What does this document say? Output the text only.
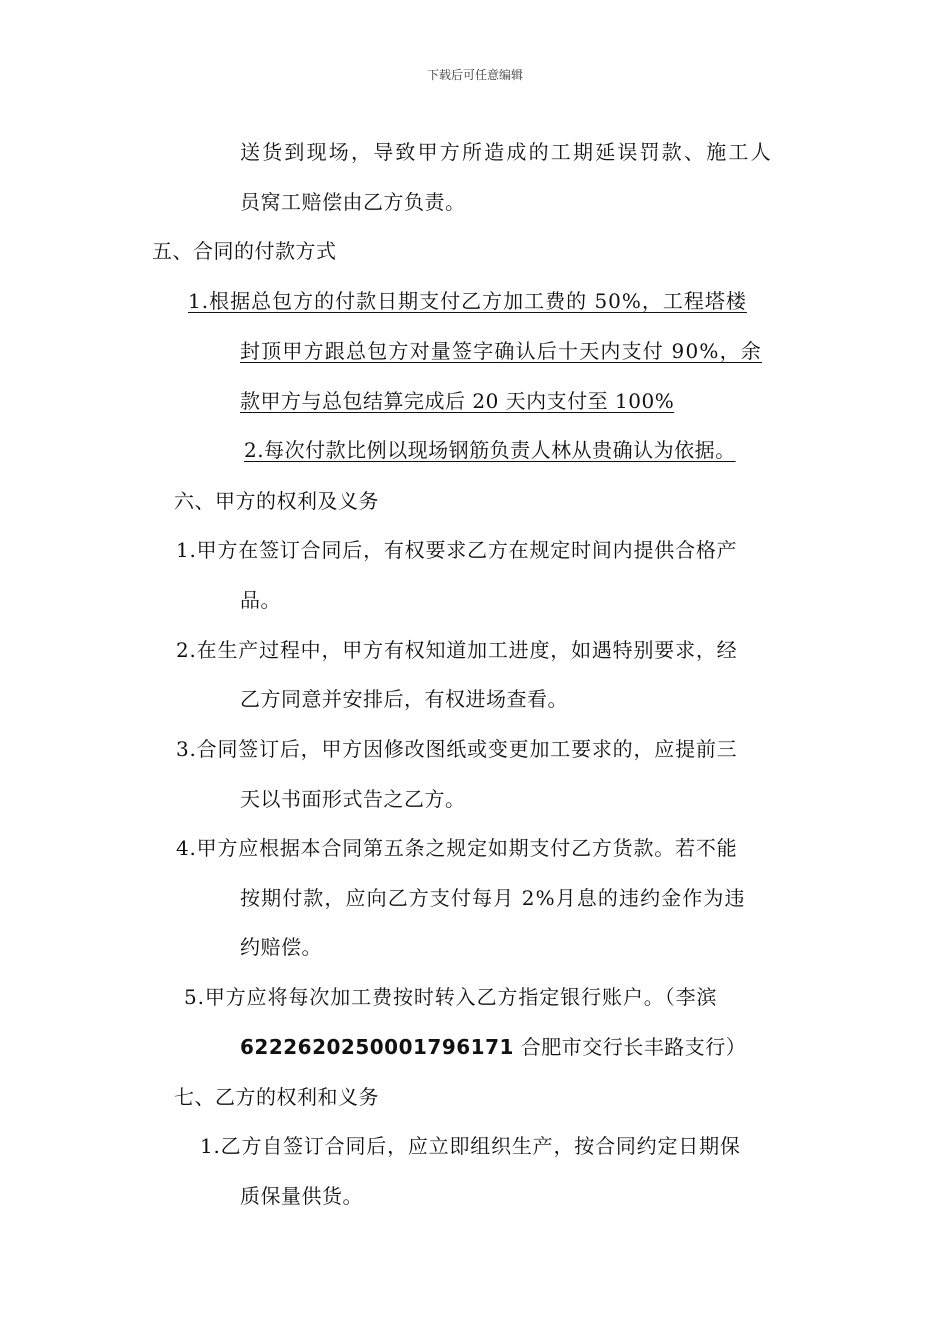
下载后可任意编辑
送货到现场，导致甲方所造成的工期延误罚款、施工人
员窝工赔偿由乙方负责。
五、合同的付款方式
1.根据总包方的付款日期支付乙方加工费的 50%，工程塔楼
封顶甲方跟总包方对量签字确认后十天内支付 90%，余
款甲方与总包结算完成后 20 天内支付至 100%
2.每次付款比例以现场钢筋负责人林从贵确认为依据。
六、甲方的权利及义务
1.甲方在签订合同后，有权要求乙方在规定时间内提供合格产
品。
2.在生产过程中，甲方有权知道加工进度，如遇特别要求，经
乙方同意并安排后，有权进场查看。
3.合同签订后，甲方因修改图纸或变更加工要求的，应提前三
天以书面形式告之乙方。
4.甲方应根据本合同第五条之规定如期支付乙方货款。若不能
按期付款，应向乙方支付每月 2%月息的违约金作为违
约赔偿。
5.甲方应将每次加工费按时转入乙方指定银行账户。（李滨
6222620250001796171 合肥市交行长丰路支行）
七、乙方的权利和义务
1.乙方自签订合同后，应立即组织生产，按合同约定日期保
质保量供货。
